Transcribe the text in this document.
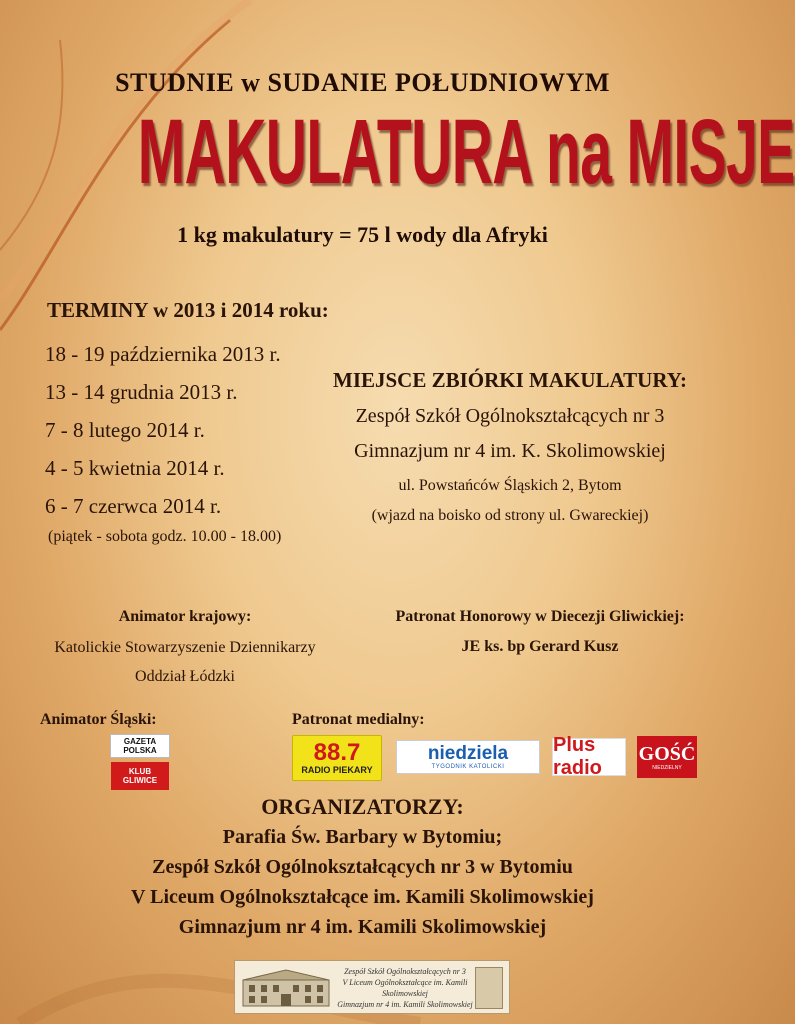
STUDNIE w SUDANIE POŁUDNIOWYM
MAKULATURA na MISJE
1 kg makulatury = 75 l wody dla Afryki
TERMINY w 2013 i 2014 roku:
18 - 19 października 2013 r.
13 - 14 grudnia 2013 r.
7 - 8 lutego 2014 r.
4 - 5 kwietnia 2014 r.
6 - 7 czerwca 2014 r.
(piątek - sobota godz. 10.00 - 18.00)
MIEJSCE ZBIÓRKI MAKULATURY:
Zespół Szkół Ogólnokształcących nr 3
Gimnazjum nr 4 im. K. Skolimowskiej
ul. Powstańców Śląskich 2, Bytom
(wjazd na boisko od strony ul. Gwareckiej)
Animator krajowy:
Katolickie Stowarzyszenie Dziennikarzy
Oddział Łódzki
Patronat Honorowy w Diecezji Gliwickiej:
JE ks. bp Gerard Kusz
Animator Śląski:	Patronat medialny:
GAZETA POLSKA
KLUB GLIWICE
88.7
RADIO PIEKARY
niedziela
TYGODNIK KATOLICKI
Plus radio
GOŚĆ
NIEDZIELNY
ORGANIZATORZY:
Parafia Św. Barbary w Bytomiu;
Zespół Szkół Ogólnokształcących nr 3 w Bytomiu
V Liceum Ogólnokształcące im. Kamili Skolimowskiej
Gimnazjum nr 4 im. Kamili Skolimowskiej
Zespół Szkół Ogólnokształcących nr 3
V Liceum Ogólnokształcące im. Kamili Skolimowskiej
Gimnazjum nr 4 im. Kamili Skolimowskiej
